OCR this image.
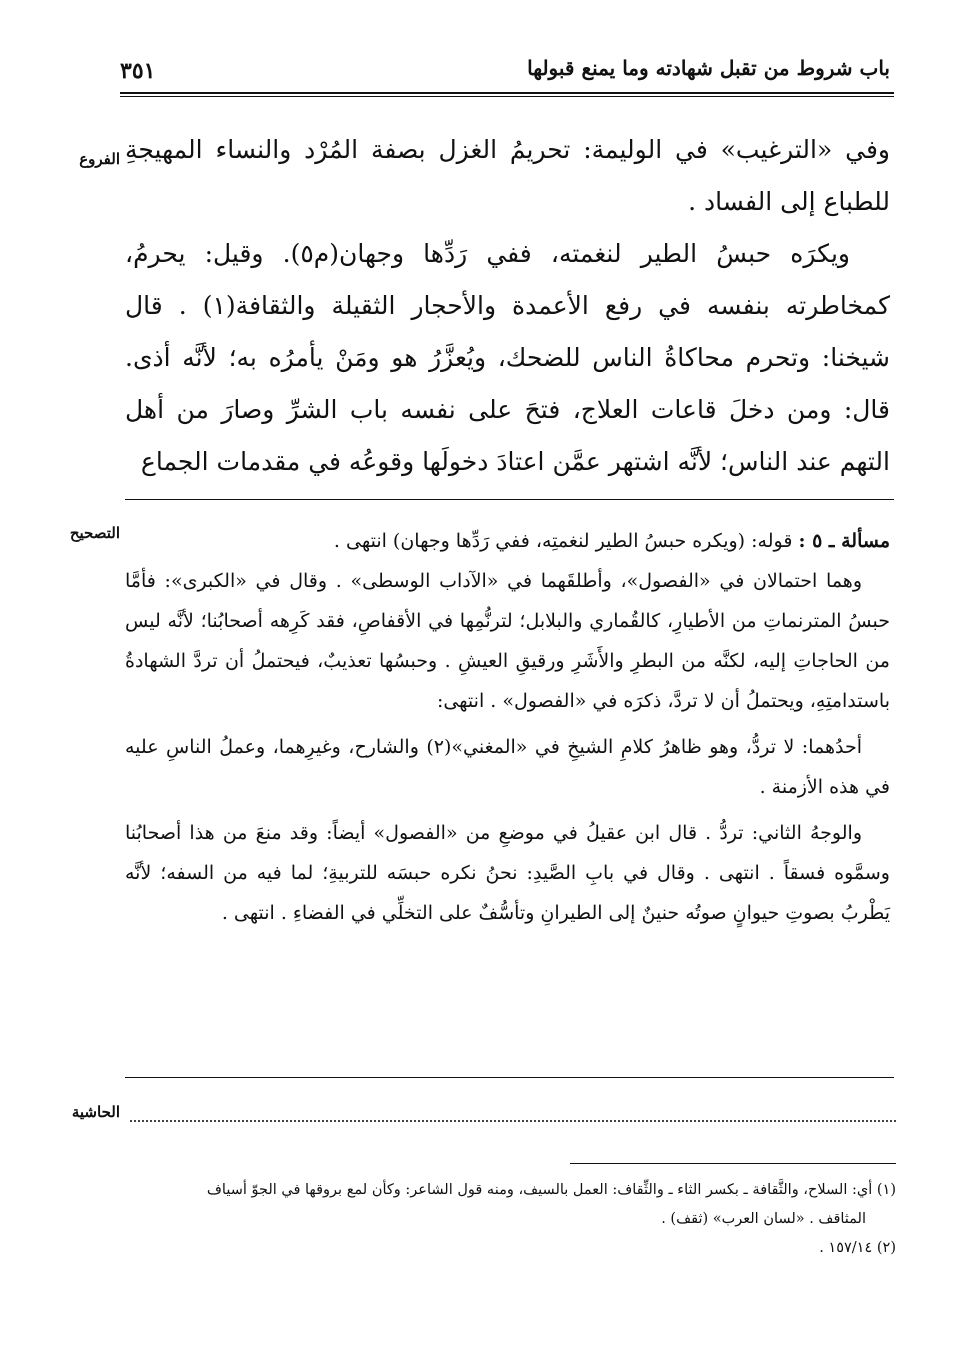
باب شروط من تقبل شهادته وما يمنع قبولها
٣٥١
الفروع
التصحيح
الحاشية

وفي «الترغيب» في الوليمة: تحريمُ الغزل بصفة المُرْد والنساء المهيجةِ للطباع إلى الفساد .

ويكرَه حبسُ الطير لنغمته، ففي رَدِّها وجهان(م٥). وقيل: يحرمُ، كمخاطرته بنفسه في رفع الأعمدة والأحجار الثقيلة والثقافة(١) . قال شيخنا: وتحرم محاكاةُ الناس للضحك، ويُعزَّرُ هو ومَنْ يأمرُه به؛ لأنَّه أذى. قال: ومن دخلَ قاعات العلاج، فتحَ على نفسه باب الشرِّ وصارَ من أهل التهم عند الناس؛ لأنَّه اشتهر عمَّن اعتادَ دخولَها وقوعُه في مقدمات الجماع

مسألة ـ ٥ : قوله: (ويكره حبسُ الطير لنغمتِه، ففي رَدِّها وجهان) انتهى .

وهما احتمالان في «الفصول»، وأطلقَهما في «الآداب الوسطى» . وقال في «الكبرى»: فأمَّا حبسُ المترنماتِ من الأطيارِ، كالقُماري والبلابل؛ لترنُّمِها في الأقفاصِ، فقد كَرِهه أصحابُنا؛ لأنَّه ليس من الحاجاتِ إليه، لكنَّه من البطرِ والأَشَرِ ورقيقِ العيشِ . وحبسُها تعذيبٌ، فيحتملُ أن تردَّ الشهادةُ باستدامتِهِ، ويحتملُ أن لا تردَّ، ذكرَه في «الفصول» . انتهى:

أحدُهما: لا تردُّ، وهو ظاهرُ كلامِ الشيخِ في «المغني»(٢) والشارح، وغيرِهما، وعملُ الناسِ عليه في هذه الأزمنة .

والوجهُ الثاني: تردُّ . قال ابن عقيلُ في موضعِ من «الفصول» أيضاً: وقد منعَ من هذا أصحابُنا وسمَّوه فسقاً . انتهى . وقال في بابِ الصَّيدِ: نحنُ نكره حبسَه للتربيةِ؛ لما فيه من السفه؛ لأنَّه يَطْربُ بصوتِ حيوانٍ صوتُه حنينٌ إلى الطيرانِ وتأسُّفٌ على التخلِّي في الفضاءِ . انتهى .

(١) أي: السلاح، والثَّقافة ـ بكسر الثاء ـ والثِّقاف: العمل بالسيف، ومنه قول الشاعر: وكأن لمع بروقها في الجوّ أسياف

المثاقف . «لسان العرب» (ثقف) .

(٢) ١٥٧/١٤ .
